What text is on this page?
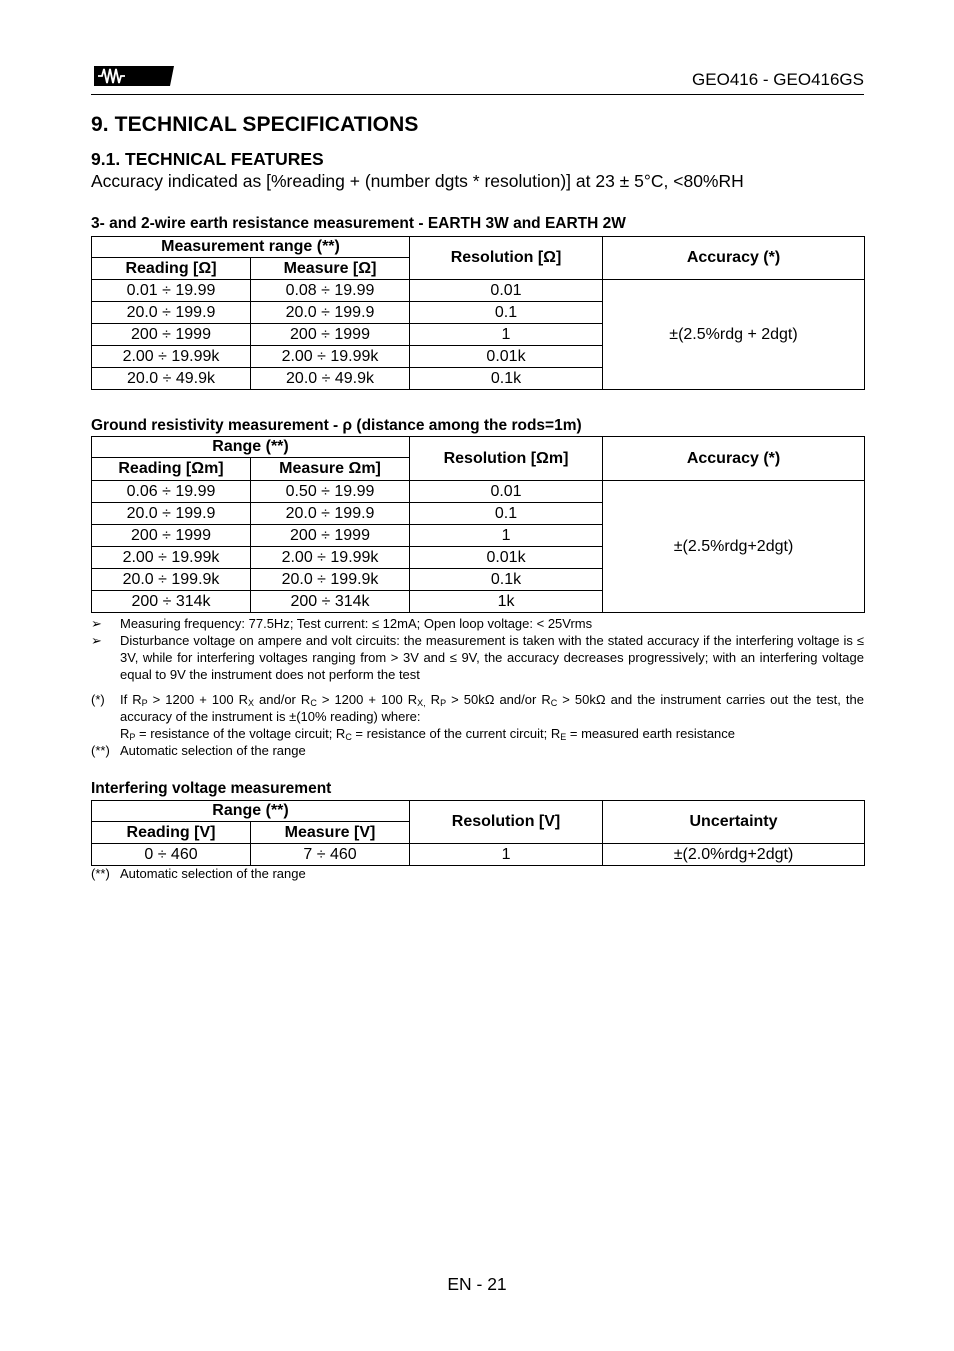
HT	GEO416 - GEO416GS
9. TECHNICAL SPECIFICATIONS
9.1. TECHNICAL FEATURES
Accuracy indicated as [%reading + (number dgts * resolution)] at 23 ± 5°C, <80%RH
3- and 2-wire earth resistance measurement - EARTH 3W and EARTH 2W
Measurement range (**)		Resolution [Ω]	Accuracy (*)
Reading [Ω]	Measure [Ω]		
0.01 ÷ 19.99	0.08 ÷ 19.99	0.01	±(2.5%rdg + 2dgt)
20.0 ÷ 199.9	20.0 ÷ 199.9	0.1	
200 ÷ 1999	200 ÷ 1999	1	
2.00 ÷ 19.99k	2.00 ÷ 19.99k	0.01k	
20.0 ÷ 49.9k	20.0 ÷ 49.9k	0.1k	
Ground resistivity measurement - ρ (distance among the rods=1m)
Range (**)		Resolution [Ωm]	Accuracy (*)
Reading [Ωm]	Measure Ωm]		
0.06 ÷ 19.99	0.50 ÷ 19.99	0.01	±(2.5%rdg+2dgt)
20.0 ÷ 199.9	20.0 ÷ 199.9	0.1	
200 ÷ 1999	200 ÷ 1999	1	
2.00 ÷ 19.99k	2.00 ÷ 19.99k	0.01k	
20.0 ÷ 199.9k	20.0 ÷ 199.9k	0.1k	
200 ÷ 314k	200 ÷ 314k	1k	
➢	Measuring frequency: 77.5Hz; Test current: ≤ 12mA; Open loop voltage: < 25Vrms
➢	Disturbance voltage on ampere and volt circuits: the measurement is taken with the stated accuracy if the interfering voltage is ≤ 3V, while for interfering voltages ranging from > 3V and ≤ 9V, the accuracy decreases progressively; with an interfering voltage equal to 9V the instrument does not perform the test
(*)	If $R_P > 1200 + 100$ $R_X$ and/or $R_C > 1200 + 100$ $R_{X,}$ $R_P > 50k\Omega$ and/or $R_C > 50k\Omega$ and the instrument carries out the test, the accuracy of the instrument is ±(10% reading) where:
$R_P$ = resistance of the voltage circuit; $R_C$ = resistance of the current circuit; $R_E$ = measured earth resistance
(**) Automatic selection of the range
Interfering voltage measurement
Range (**)		Resolution [V]	Uncertainty
Reading [V]	Measure [V]		
0 ÷ 460	7 ÷ 460	1	±(2.0%rdg+2dgt)
(**) Automatic selection of the range
EN - 21
